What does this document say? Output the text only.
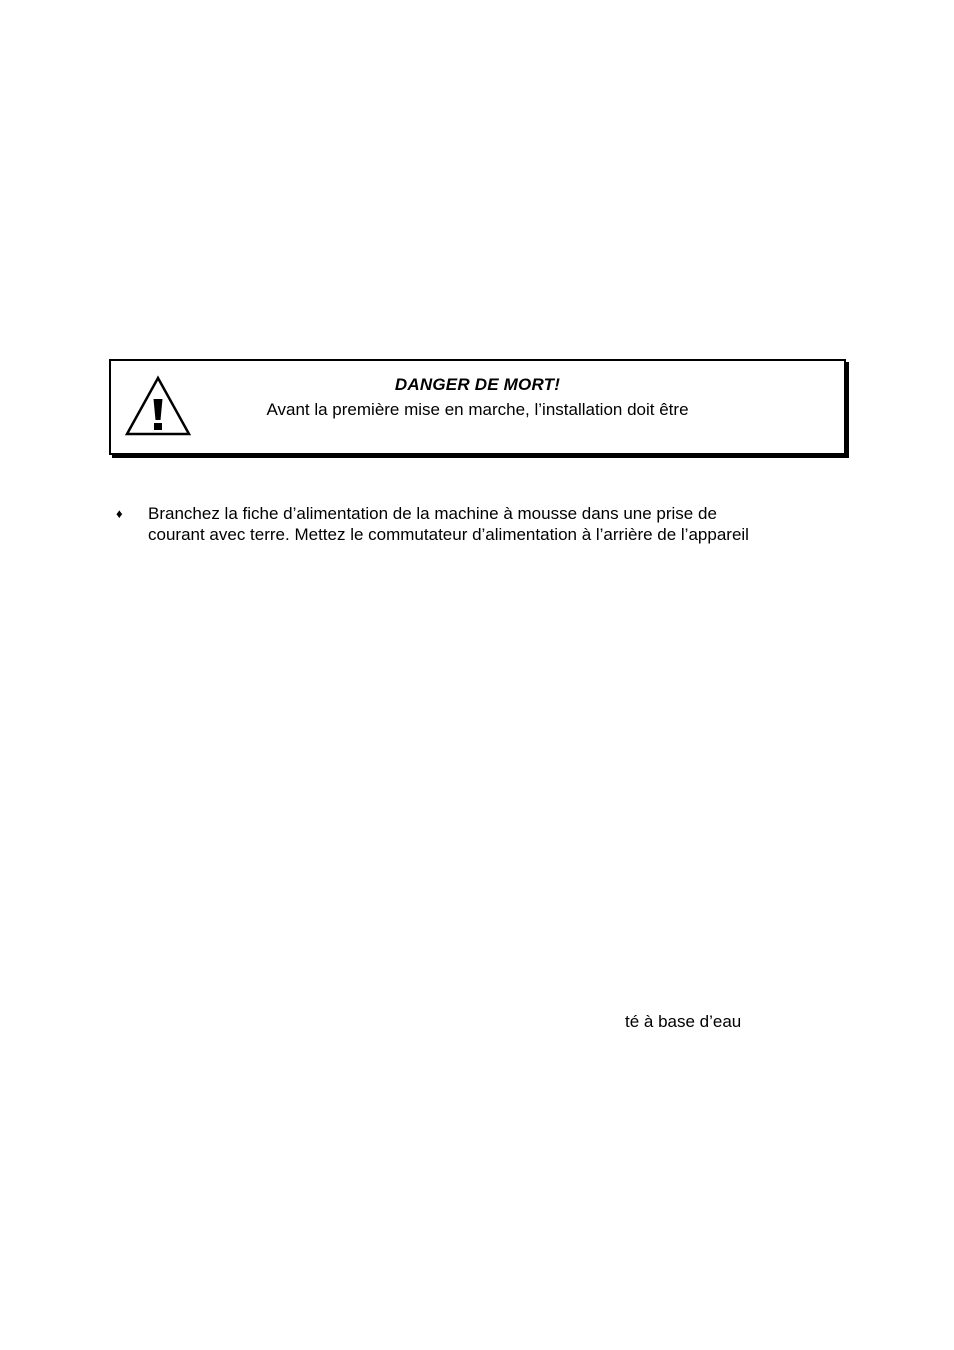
DANGER DE MORT!
Avant la première mise en marche, l’installation doit être
♦ Branchez la fiche d’alimentation de la machine à mousse dans une prise de
courant avec terre. Mettez le commutateur d’alimentation à l’arrière de l’appareil
té à base d’eau
